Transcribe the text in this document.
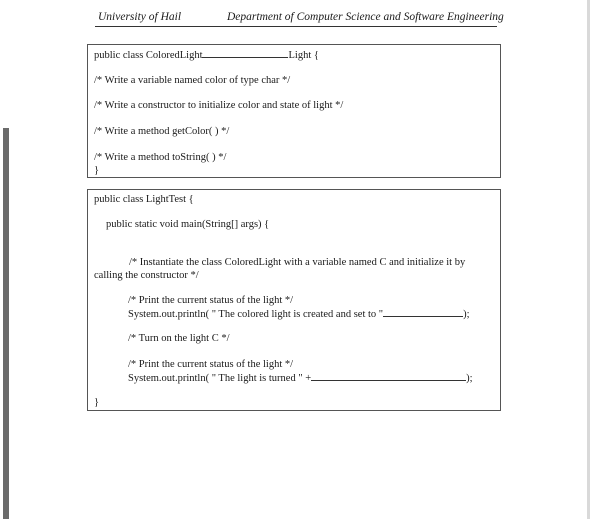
University of Hail	Department of Computer Science and Software Engineering
public class ColoredLight	Light {
/* Write a variable named color of type char */
/* Write a constructor to initialize color and state of light */
/* Write a method getColor( ) */
/* Write a method toString( ) */
}
public class LightTest {
public static void main(String[] args) {
/* Instantiate the class ColoredLight with a variable named C and initialize it by
calling the constructor */
/* Print the current status of the light */
System.out.println( " The colored light is created and set to "	);
/* Turn on the light C */
/* Print the current status of the light */
System.out.println( " The light is turned " +	);
}
